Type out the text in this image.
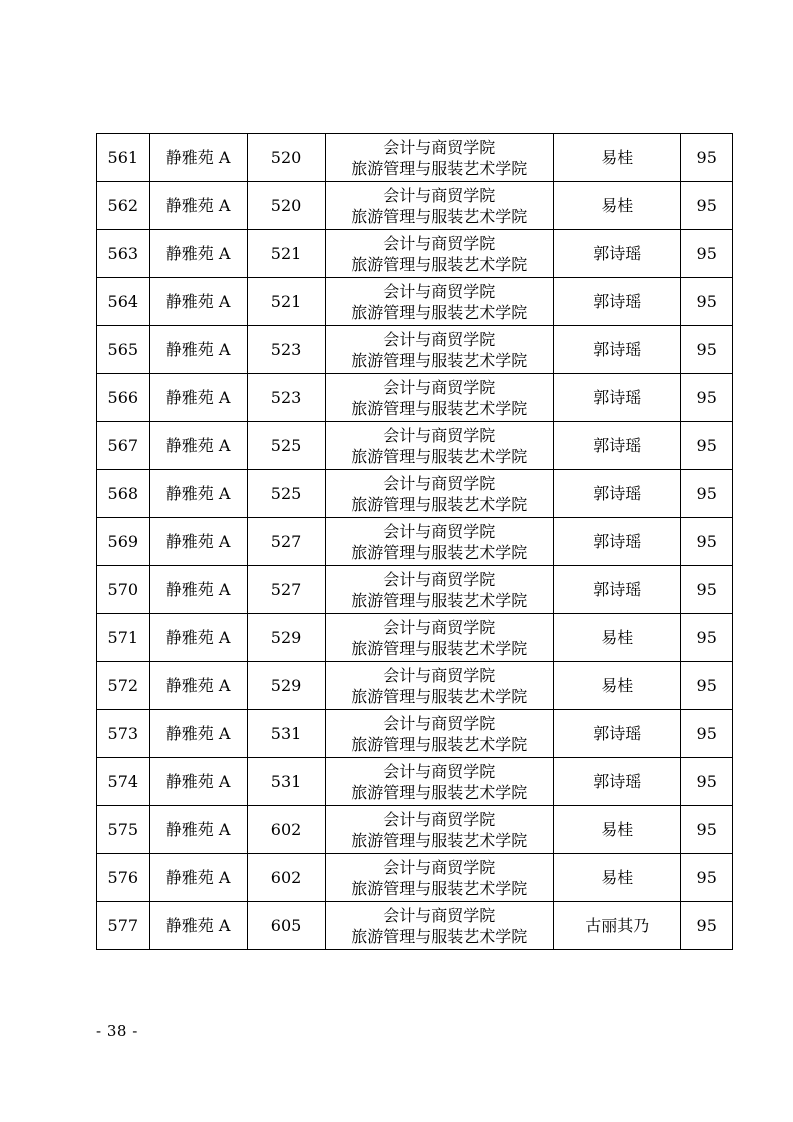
561	静雅苑 A	520	会计与商贸学院
旅游管理与服装艺术学院	易桂	95
562	静雅苑 A	520	会计与商贸学院
旅游管理与服装艺术学院	易桂	95
563	静雅苑 A	521	会计与商贸学院
旅游管理与服装艺术学院	郭诗瑶	95
564	静雅苑 A	521	会计与商贸学院
旅游管理与服装艺术学院	郭诗瑶	95
565	静雅苑 A	523	会计与商贸学院
旅游管理与服装艺术学院	郭诗瑶	95
566	静雅苑 A	523	会计与商贸学院
旅游管理与服装艺术学院	郭诗瑶	95
567	静雅苑 A	525	会计与商贸学院
旅游管理与服装艺术学院	郭诗瑶	95
568	静雅苑 A	525	会计与商贸学院
旅游管理与服装艺术学院	郭诗瑶	95
569	静雅苑 A	527	会计与商贸学院
旅游管理与服装艺术学院	郭诗瑶	95
570	静雅苑 A	527	会计与商贸学院
旅游管理与服装艺术学院	郭诗瑶	95
571	静雅苑 A	529	会计与商贸学院
旅游管理与服装艺术学院	易桂	95
572	静雅苑 A	529	会计与商贸学院
旅游管理与服装艺术学院	易桂	95
573	静雅苑 A	531	会计与商贸学院
旅游管理与服装艺术学院	郭诗瑶	95
574	静雅苑 A	531	会计与商贸学院
旅游管理与服装艺术学院	郭诗瑶	95
575	静雅苑 A	602	会计与商贸学院
旅游管理与服装艺术学院	易桂	95
576	静雅苑 A	602	会计与商贸学院
旅游管理与服装艺术学院	易桂	95
577	静雅苑 A	605	会计与商贸学院
旅游管理与服装艺术学院	古丽其乃	95
- 38 -
